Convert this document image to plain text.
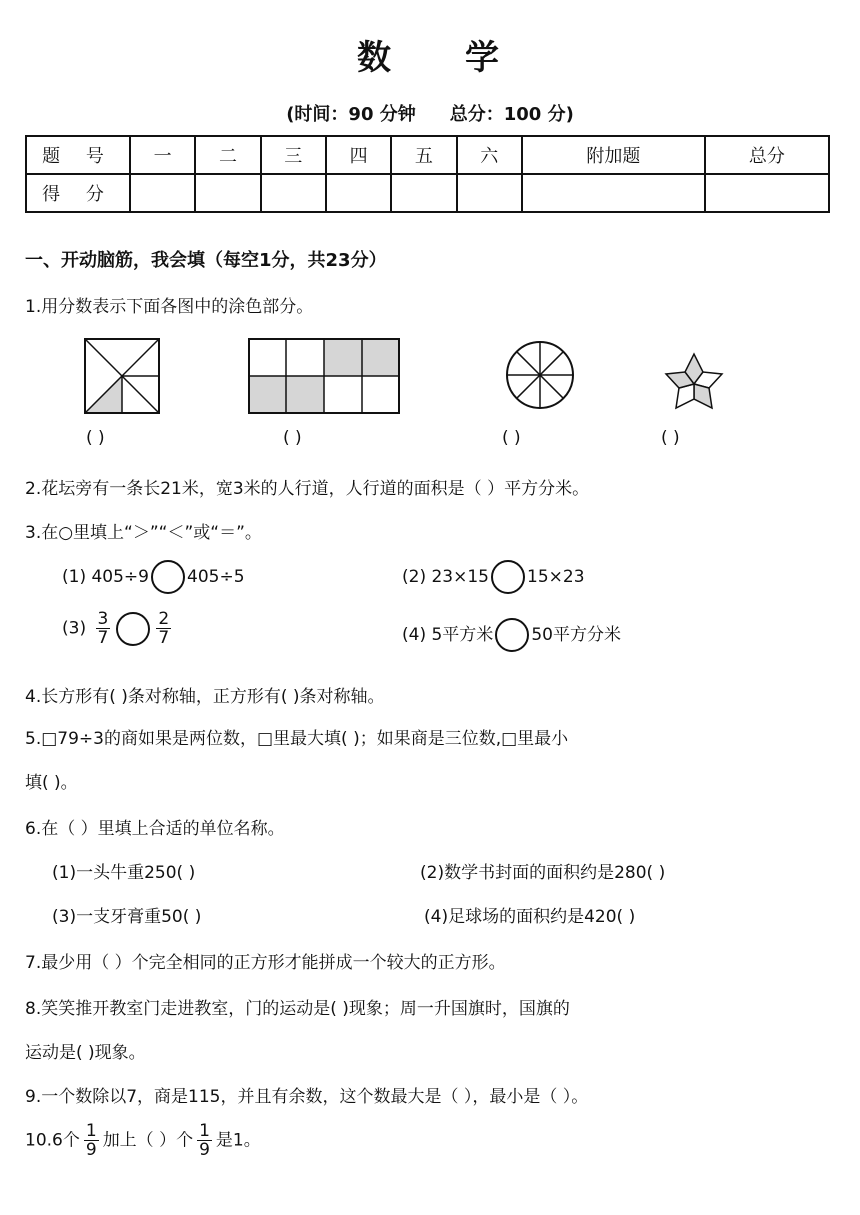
数 学
(时间：90 分钟 总分：100 分)
题 号	一	二	三	四	五	六	附加题	总分
得 分								
一、开动脑筋，我会填（每空1分，共23分）
1.用分数表示下面各图中的涂色部分。
( )	( )	( )	( )
2.花坛旁有一条长21米，宽3米的人行道，人行道的面积是（ ）平方分米。
3.在○里填上“＞”“＜”或“＝”。
(1) 405÷9 405÷5	(2) 23×15 15×23
$(3) \frac{3}{7}$	$\frac{2}{7}$	(4) 5平方米 50平方分米
4.长方形有( )条对称轴，正方形有( )条对称轴。
5.□79÷3的商如果是两位数，□里最大填( )；如果商是三位数,□里最小
填( )。
6.在（ ）里填上合适的单位名称。
(1)一头牛重250( )	(2)数学书封面的面积约是280( )
(3)一支牙膏重50( )	(4)足球场的面积约是420( )
7.最少用（ ）个完全相同的正方形才能拼成一个较大的正方形。
8.笑笑推开教室门走进教室，门的运动是( )现象；周一升国旗时，国旗的
运动是( )现象。
9.一个数除以7，商是115，并且有余数，这个数最大是（ ），最小是（ ）。
10.6个 $\frac{1}{9}$ 加上（ ）个 $\frac{1}{9}$ 是1。
